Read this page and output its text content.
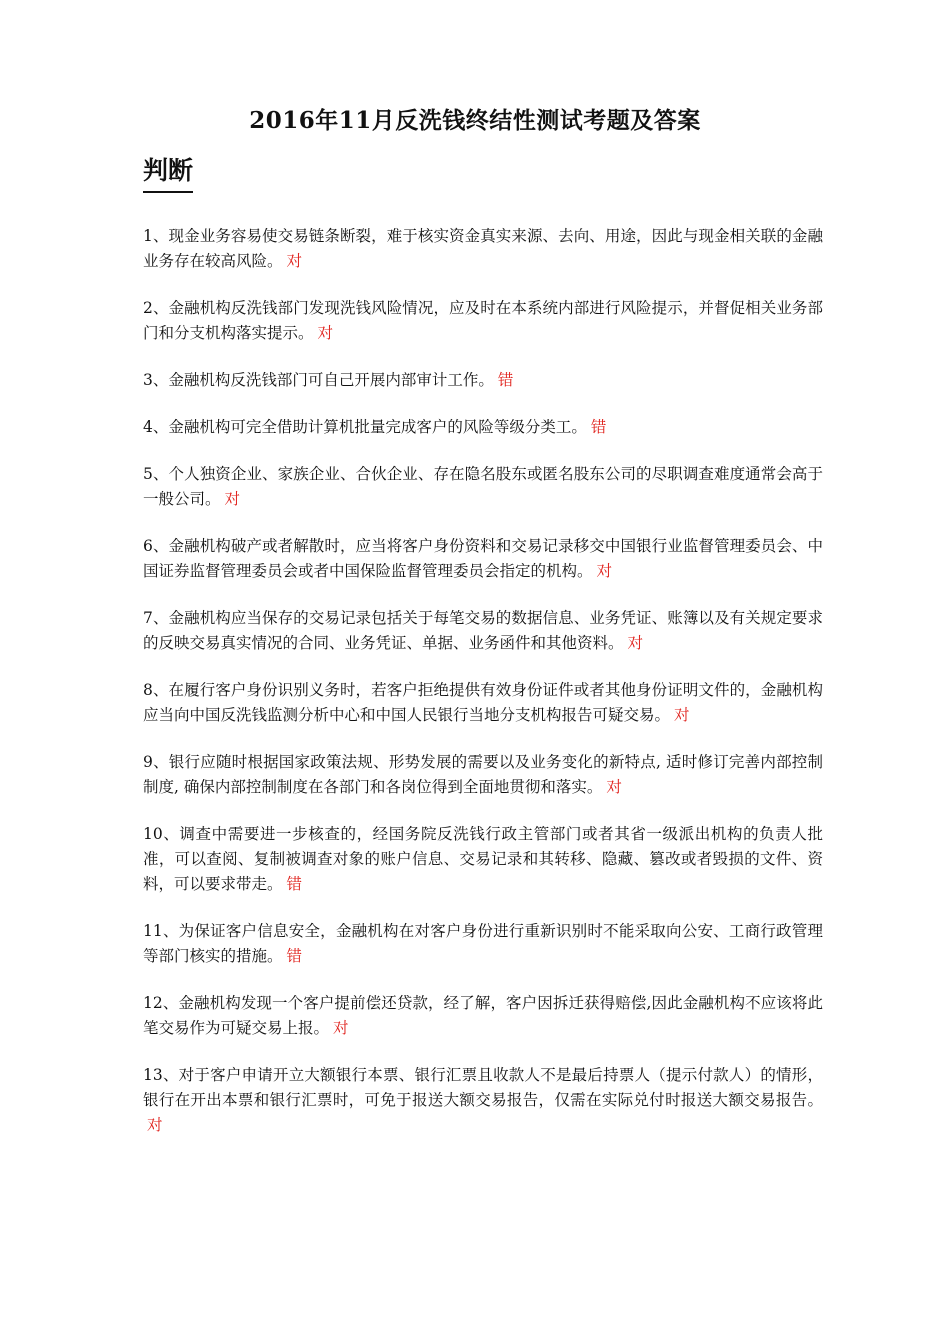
2016年11月反洗钱终结性测试考题及答案
判断
1、现金业务容易使交易链条断裂，难于核实资金真实来源、去向、用途，因此与现金相关联的金融业务存在较高风险。 对
2、金融机构反洗钱部门发现洗钱风险情况，应及时在本系统内部进行风险提示，并督促相关业务部门和分支机构落实提示。 对
3、金融机构反洗钱部门可自己开展内部审计工作。 错
4、金融机构可完全借助计算机批量完成客户的风险等级分类工。 错
5、个人独资企业、家族企业、合伙企业、存在隐名股东或匿名股东公司的尽职调查难度通常会高于一般公司。 对
6、金融机构破产或者解散时，应当将客户身份资料和交易记录移交中国银行业监督管理委员会、中国证券监督管理委员会或者中国保险监督管理委员会指定的机构。 对
7、金融机构应当保存的交易记录包括关于每笔交易的数据信息、业务凭证、账簿以及有关规定要求的反映交易真实情况的合同、业务凭证、单据、业务函件和其他资料。 对
8、在履行客户身份识别义务时，若客户拒绝提供有效身份证件或者其他身份证明文件的，金融机构应当向中国反洗钱监测分析中心和中国人民银行当地分支机构报告可疑交易。 对
9、银行应随时根据国家政策法规、形势发展的需要以及业务变化的新特点, 适时修订完善内部控制制度, 确保内部控制制度在各部门和各岗位得到全面地贯彻和落实。 对
10、调查中需要进一步核查的，经国务院反洗钱行政主管部门或者其省一级派出机构的负责人批准，可以查阅、复制被调查对象的账户信息、交易记录和其转移、隐藏、篡改或者毁损的文件、资料，可以要求带走。 错
11、为保证客户信息安全，金融机构在对客户身份进行重新识别时不能采取向公安、工商行政管理等部门核实的措施。 错
12、金融机构发现一个客户提前偿还贷款，经了解，客户因拆迁获得赔偿,因此金融机构不应该将此笔交易作为可疑交易上报。 对
13、对于客户申请开立大额银行本票、银行汇票且收款人不是最后持票人（提示付款人）的情形，银行在开出本票和银行汇票时，可免于报送大额交易报告，仅需在实际兑付时报送大额交易报告。对
